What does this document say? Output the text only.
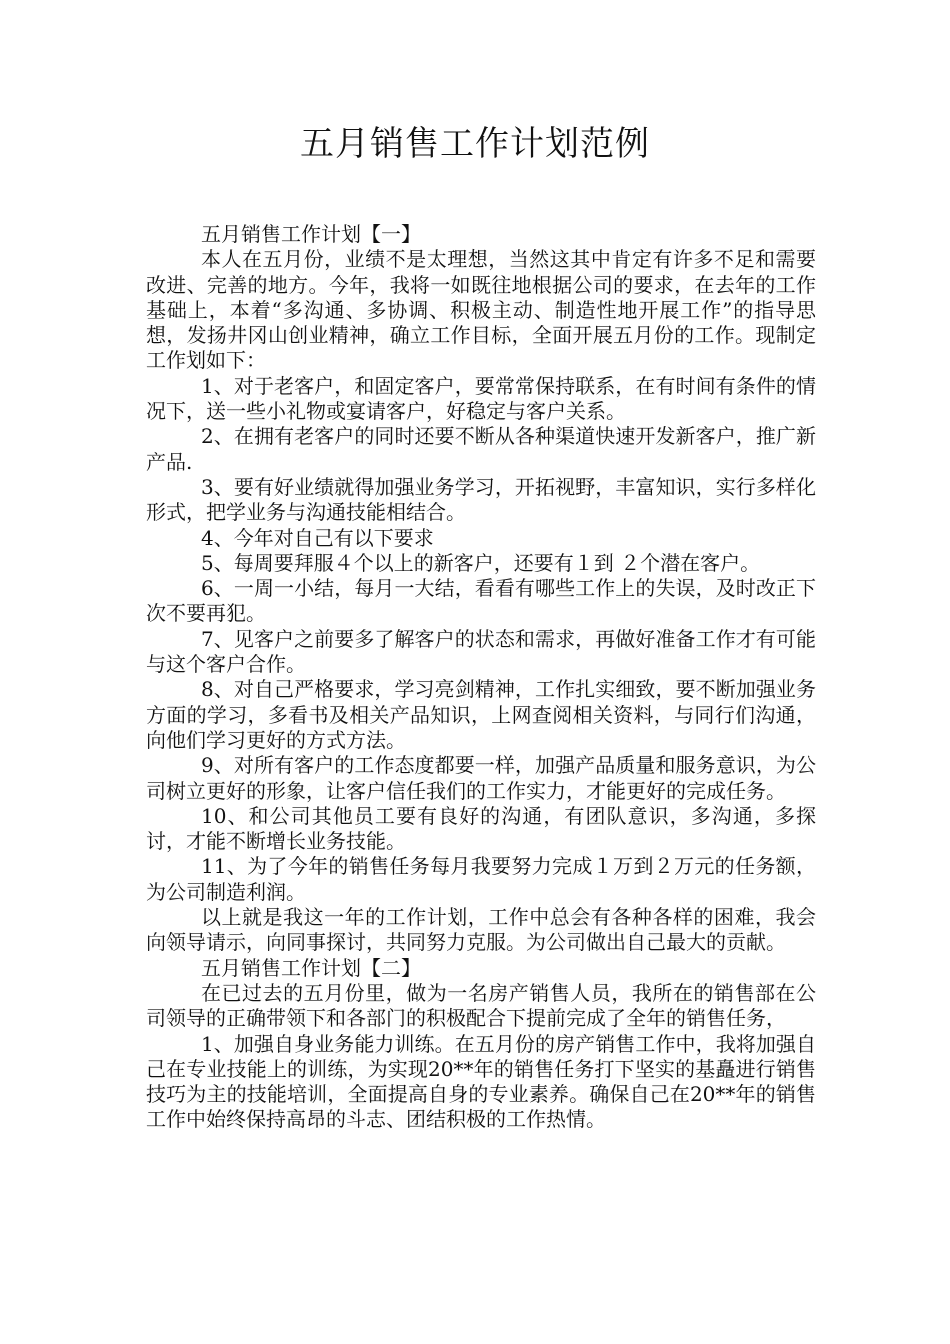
五月销售工作计划范例

五月销售工作计划【一】

本人在五月份，业绩不是太理想，当然这其中肯定有许多不足和需要改进、完善的地方。今年，我将一如既往地根据公司的要求，在去年的工作基础上，本着“多沟通、多协调、积极主动、制造性地开展工作”的指导思想，发扬井冈山创业精神，确立工作目标，全面开展五月份的工作。现制定工作划如下：

1、对于老客户，和固定客户，要常常保持联系，在有时间有条件的情况下，送一些小礼物或宴请客户，好稳定与客户关系。

2、在拥有老客户的同时还要不断从各种渠道快速开发新客户，推广新产品.

3、要有好业绩就得加强业务学习，开拓视野，丰富知识，实行多样化形式，把学业务与沟通技能相结合。

4、今年对自己有以下要求

5、每周要拜服４个以上的新客户，还要有１到 ２个潜在客户。

6、一周一小结，每月一大结，看看有哪些工作上的失误，及时改正下次不要再犯。

7、见客户之前要多了解客户的状态和需求，再做好准备工作才有可能与这个客户合作。

8、对自己严格要求，学习亮剑精神，工作扎实细致，要不断加强业务方面的学习，多看书及相关产品知识，上网查阅相关资料，与同行们沟通，向他们学习更好的方式方法。

9、对所有客户的工作态度都要一样，加强产品质量和服务意识，为公司树立更好的形象，让客户信任我们的工作实力，才能更好的完成任务。

10、和公司其他员工要有良好的沟通，有团队意识，多沟通，多探讨，才能不断增长业务技能。

11、为了今年的销售任务每月我要努力完成１万到２万元的任务额，为公司制造利润。

以上就是我这一年的工作计划，工作中总会有各种各样的困难，我会向领导请示，向同事探讨，共同努力克服。为公司做出自己最大的贡献。

五月销售工作计划【二】

在已过去的五月份里，做为一名房产销售人员，我所在的销售部在公司领导的正确带领下和各部门的积极配合下提前完成了全年的销售任务，

1、加强自身业务能力训练。在五月份的房产销售工作中，我将加强自己在专业技能上的训练，为实现20**年的销售任务打下坚实的基矗进行销售技巧为主的技能培训，全面提高自身的专业素养。确保自己在20**年的销售工作中始终保持高昂的斗志、团结积极的工作热情。
